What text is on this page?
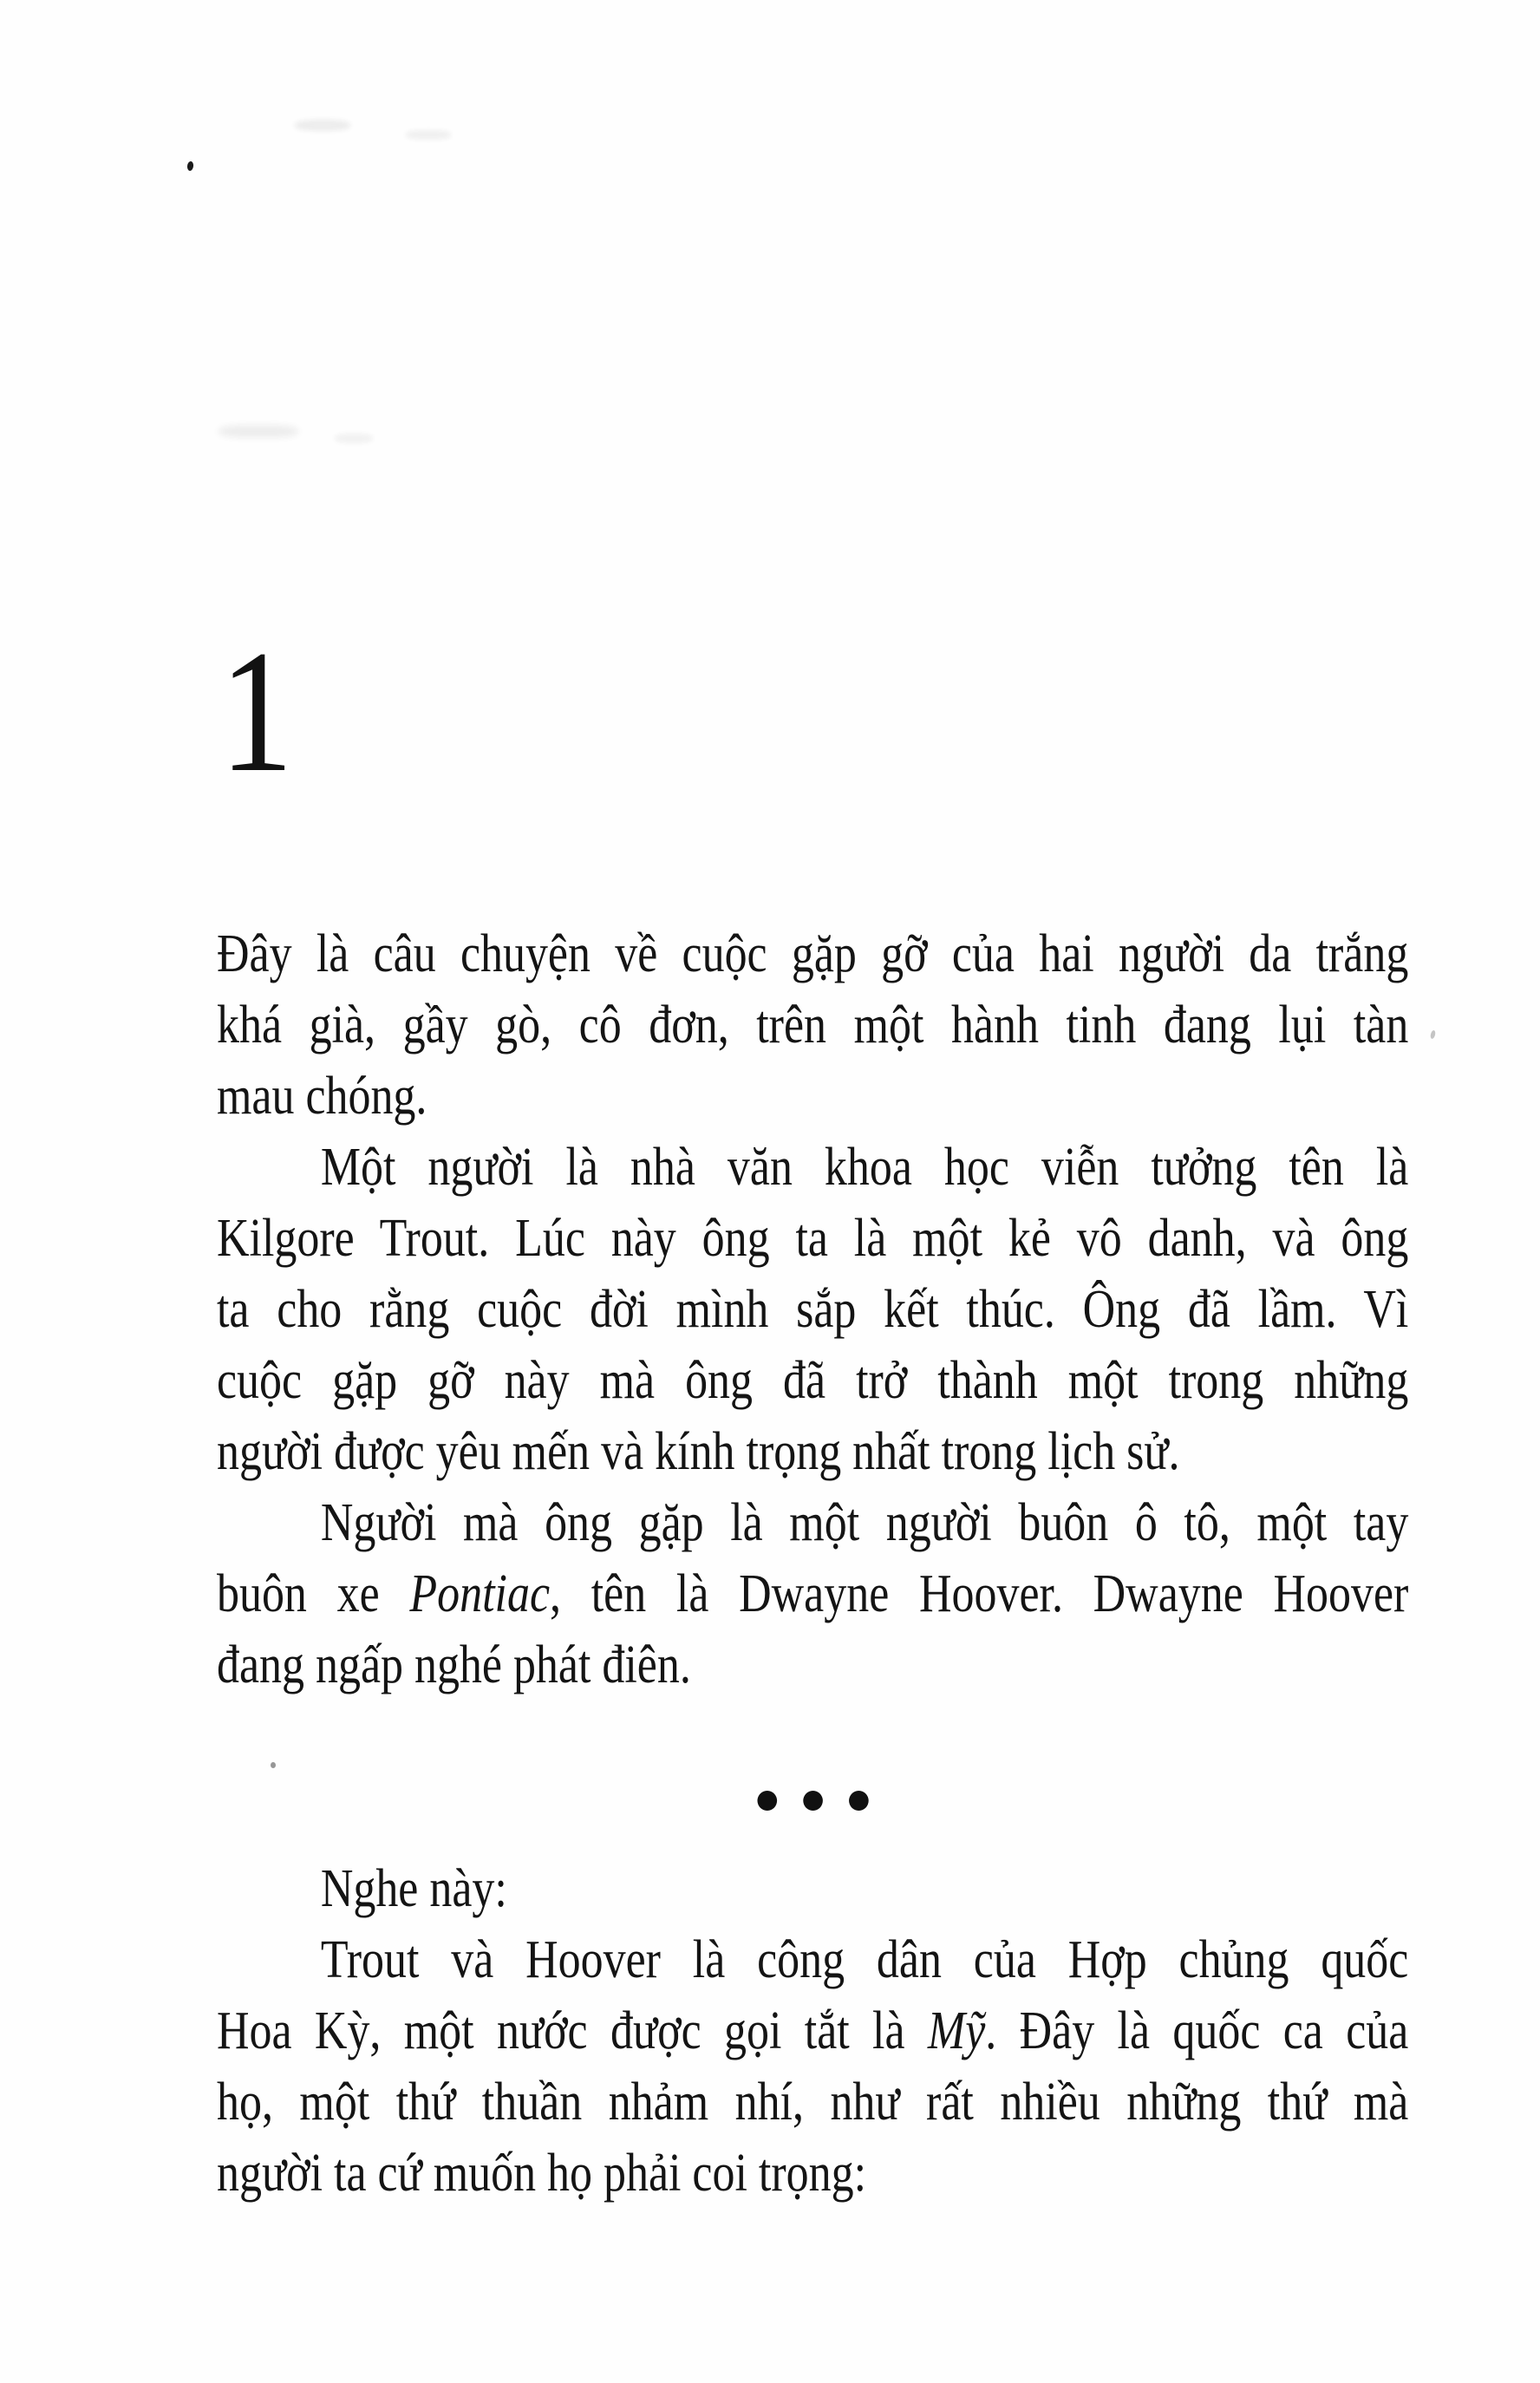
1
Đây là câu chuyện về cuộc gặp gỡ của hai người da trắng
khá già, gầy gò, cô đơn, trên một hành tinh đang lụi tàn
mau chóng.
Một người là nhà văn khoa học viễn tưởng tên là
Kilgore Trout. Lúc này ông ta là một kẻ vô danh, và ông
ta cho rằng cuộc đời mình sắp kết thúc. Ông đã lầm. Vì
cuộc gặp gỡ này mà ông đã trở thành một trong những
người được yêu mến và kính trọng nhất trong lịch sử.
Người mà ông gặp là một người buôn ô tô, một tay
buôn xe Pontiac, tên là Dwayne Hoover. Dwayne Hoover
đang ngấp nghé phát điên.
Nghe này:
Trout và Hoover là công dân của Hợp chủng quốc
Hoa Kỳ, một nước được gọi tắt là Mỹ. Đây là quốc ca của
họ, một thứ thuần nhảm nhí, như rất nhiều những thứ mà
người ta cứ muốn họ phải coi trọng:
